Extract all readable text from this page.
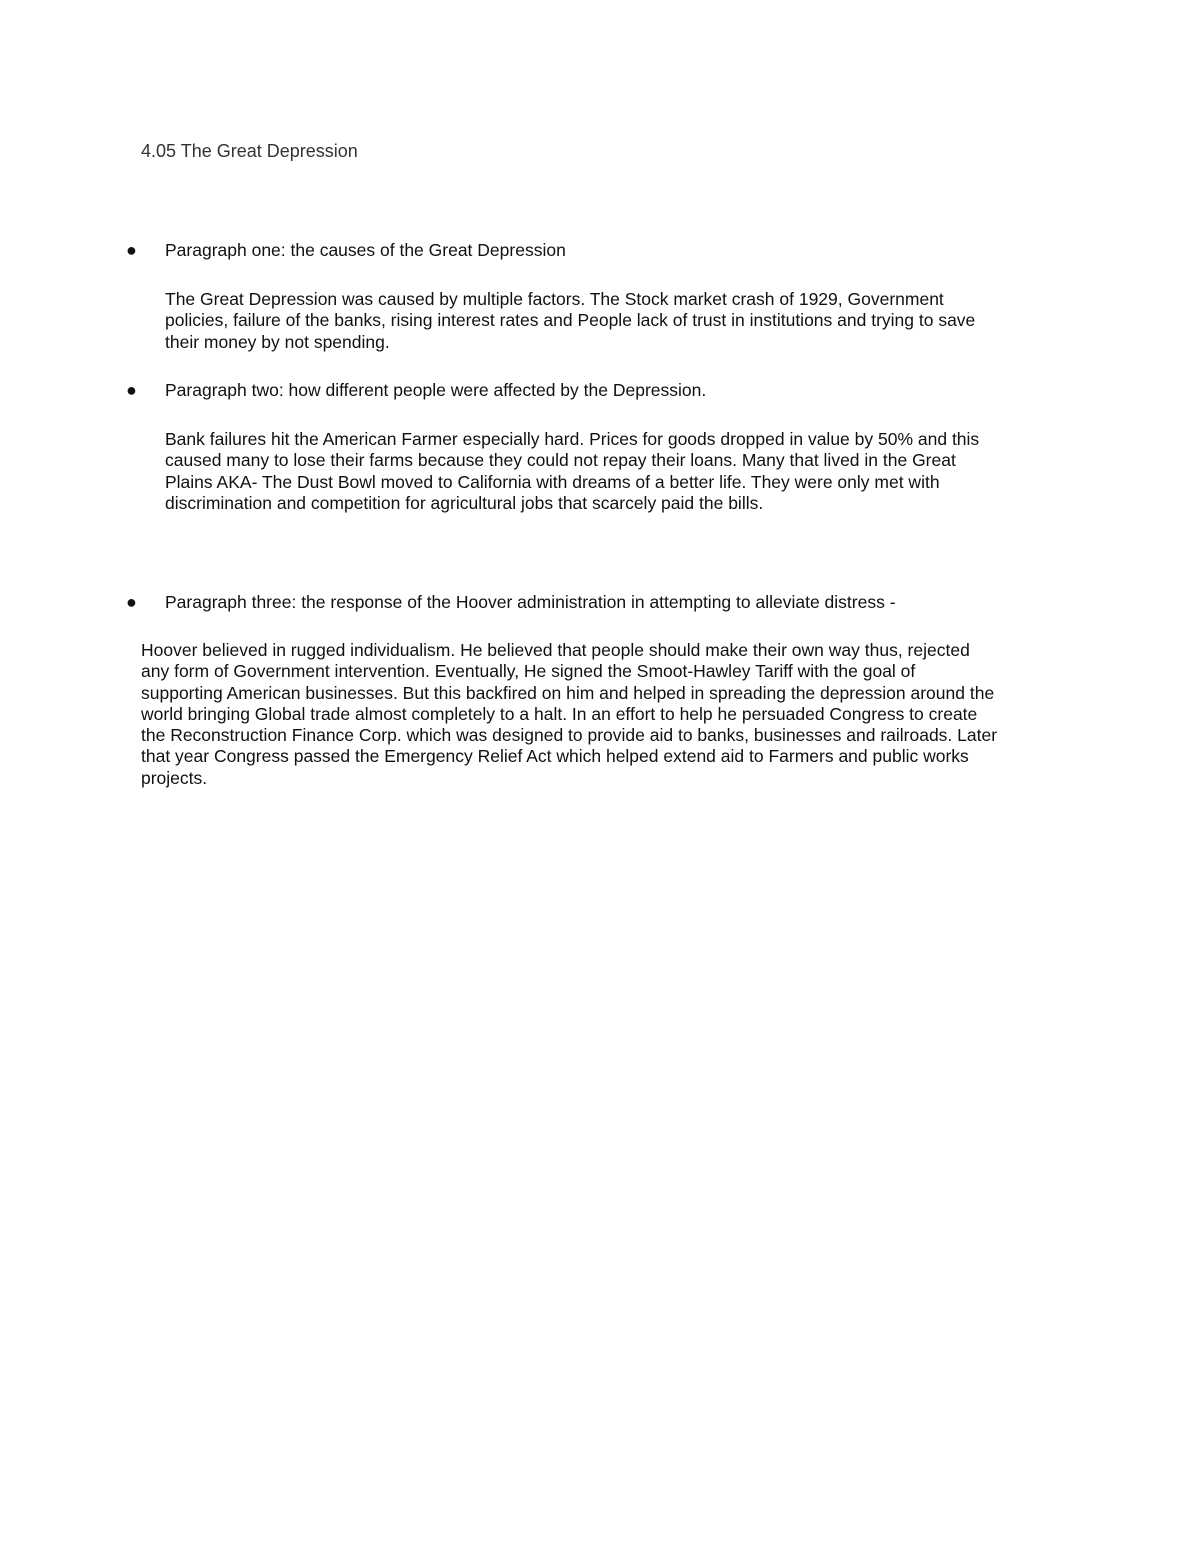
4.05 The Great Depression
● Paragraph one: the causes of the Great Depression
The Great Depression was caused by multiple factors. The Stock market crash of 1929, Government
policies, failure of the banks, rising interest rates and People lack of trust in institutions and trying to save
their money by not spending.
● Paragraph two: how different people were affected by the Depression.
Bank failures hit the American Farmer especially hard. Prices for goods dropped in value by 50% and this
caused many to lose their farms because they could not repay their loans. Many that lived in the Great
Plains AKA- The Dust Bowl moved to California with dreams of a better life. They were only met with
discrimination and competition for agricultural jobs that scarcely paid the bills.
● Paragraph three: the response of the Hoover administration in attempting to alleviate distress -
Hoover believed in rugged individualism. He believed that people should make their own way thus, rejected
any form of Government intervention. Eventually, He signed the Smoot-Hawley Tariff with the goal of
supporting American businesses. But this backfired on him and helped in spreading the depression around the
world bringing Global trade almost completely to a halt. In an effort to help he persuaded Congress to create
the Reconstruction Finance Corp. which was designed to provide aid to banks, businesses and railroads. Later
that year Congress passed the Emergency Relief Act which helped extend aid to Farmers and public works
projects.
